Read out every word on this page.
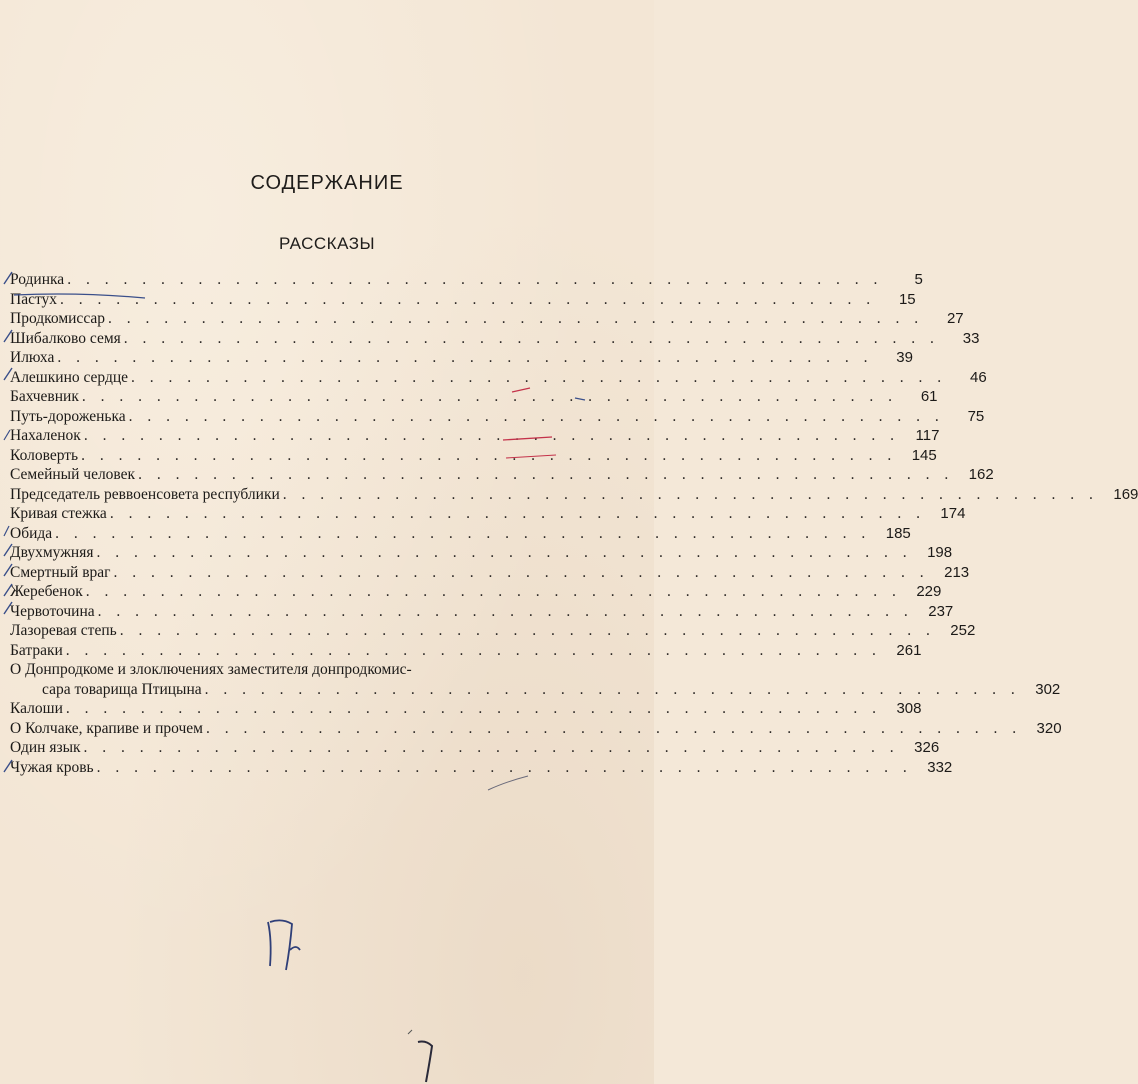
СОДЕРЖАНИЕ
РАССКАЗЫ
Родинка . . . . . . . . . . . . . . . . . . . . . . . . . . . . . . . . . . . . . . . . . . . .	5
Пастух . . . . . . . . . . . . . . . . . . . . . . . . . . . . . . . . . . . . . . . . . . . .	15
Продкомиссар . . . . . . . . . . . . . . . . . . . . . . . . . . . . . . . . . . . . . . . . . . . .	27
Шибалково семя . . . . . . . . . . . . . . . . . . . . . . . . . . . . . . . . . . . . . . . . . . . .	33
Илюха . . . . . . . . . . . . . . . . . . . . . . . . . . . . . . . . . . . . . . . . . . . .	39
Алешкино сердце . . . . . . . . . . . . . . . . . . . . . . . . . . . . . . . . . . . . . . . . . . . .	46
Бахчевник . . . . . . . . . . . . . . . . . . . . . . . . . . . . . . . . . . . . . . . . . . . .	61
Путь-дороженька . . . . . . . . . . . . . . . . . . . . . . . . . . . . . . . . . . . . . . . . . . . .	75
Нахаленок . . . . . . . . . . . . . . . . . . . . . . . . . . . . . . . . . . . . . . . . . . . .	117
Коловерть . . . . . . . . . . . . . . . . . . . . . . . . . . . . . . . . . . . . . . . . . . . . 145
Семейный человек . . . . . . . . . . . . . . . . . . . . . . . . . . . . . . . . . . . . . . . . . . . . 162
Председатель реввоенсовета республики . . . . . . . . . . . . . . . . . . . . . . . . . . . . . . . . . . . . . . . . . . . . 169
Кривая стежка . . . . . . . . . . . . . . . . . . . . . . . . . . . . . . . . . . . . . . . . . . . . 174
Обида . . . . . . . . . . . . . . . . . . . . . . . . . . . . . . . . . . . . . . . . . . . . 185
Двухмужняя . . . . . . . . . . . . . . . . . . . . . . . . . . . . . . . . . . . . . . . . . . . . 198
Смертный враг . . . . . . . . . . . . . . . . . . . . . . . . . . . . . . . . . . . . . . . . . . . . 213
Жеребенок . . . . . . . . . . . . . . . . . . . . . . . . . . . . . . . . . . . . . . . . . . . . 229
Червоточина . . . . . . . . . . . . . . . . . . . . . . . . . . . . . . . . . . . . . . . . . . . . 237
Лазоревая степь . . . . . . . . . . . . . . . . . . . . . . . . . . . . . . . . . . . . . . . . . . . . 252
Батраки . . . . . . . . . . . . . . . . . . . . . . . . . . . . . . . . . . . . . . . . . . . . 261
О Донпродкоме и злоключениях заместителя донпродкомис-
сара товарища Птицына . . . . . . . . . . . . . . . . . . . . . . . . . . . . . . . . . . . . . . . . . . . . 302
Калоши . . . . . . . . . . . . . . . . . . . . . . . . . . . . . . . . . . . . . . . . . . . . 308
О Колчаке, крапиве и прочем . . . . . . . . . . . . . . . . . . . . . . . . . . . . . . . . . . . . . . . . . . . . 320
Один язык . . . . . . . . . . . . . . . . . . . . . . . . . . . . . . . . . . . . . . . . . . . . 326
Чужая кровь . . . . . . . . . . . . . . . . . . . . . . . . . . . . . . . . . . . . . . . . . . . . 332
